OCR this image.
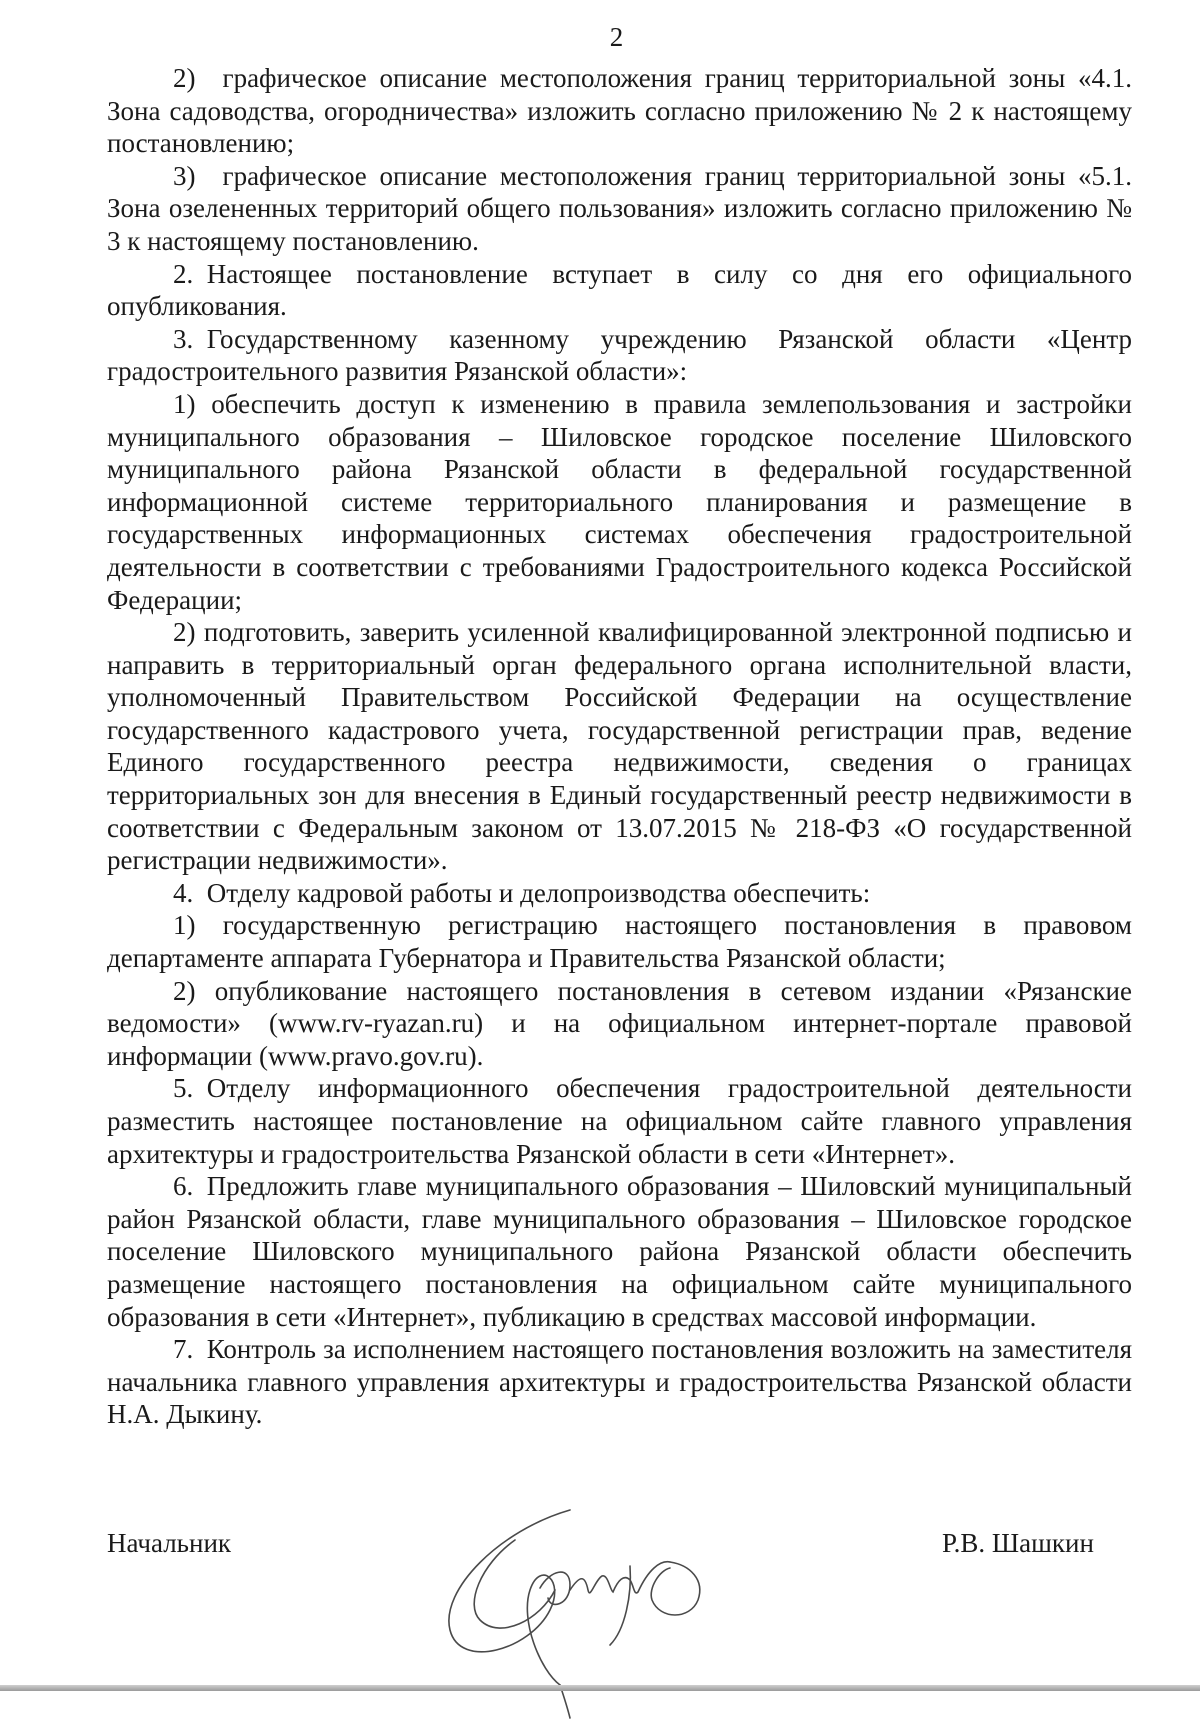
2

2) графическое описание местоположения границ территориальной зоны «4.1. Зона садоводства, огородничества» изложить согласно приложению № 2 к настоящему постановлению;

3) графическое описание местоположения границ территориальной зоны «5.1. Зона озелененных территорий общего пользования» изложить согласно приложению № 3 к настоящему постановлению.

2. Настоящее постановление вступает в силу со дня его официального опубликования.

3. Государственному казенному учреждению Рязанской области «Центр градостроительного развития Рязанской области»:

1) обеспечить доступ к изменению в правила землепользования и застройки муниципального образования – Шиловское городское поселение Шиловского муниципального района Рязанской области в федеральной государственной информационной системе территориального планирования и размещение в государственных информационных системах обеспечения градостроительной деятельности в соответствии с требованиями Градостроительного кодекса Российской Федерации;

2) подготовить, заверить усиленной квалифицированной электронной подписью и направить в территориальный орган федерального органа исполнительной власти, уполномоченный Правительством Российской Федерации на осуществление государственного кадастрового учета, государственной регистрации прав, ведение Единого государственного реестра недвижимости, сведения о границах территориальных зон для внесения в Единый государственный реестр недвижимости в соответствии с Федеральным законом от 13.07.2015 № 218-ФЗ «О государственной регистрации недвижимости».

4. Отделу кадровой работы и делопроизводства обеспечить:

1) государственную регистрацию настоящего постановления в правовом департаменте аппарата Губернатора и Правительства Рязанской области;

2) опубликование настоящего постановления в сетевом издании «Рязанские ведомости» (www.rv-ryazan.ru) и на официальном интернет-портале правовой информации (www.pravo.gov.ru).

5. Отделу информационного обеспечения градостроительной деятельности разместить настоящее постановление на официальном сайте главного управления архитектуры и градостроительства Рязанской области в сети «Интернет».

6. Предложить главе муниципального образования – Шиловский муниципальный район Рязанской области, главе муниципального образования – Шиловское городское поселение Шиловского муниципального района Рязанской области обеспечить размещение настоящего постановления на официальном сайте муниципального образования в сети «Интернет», публикацию в средствах массовой информации.

7. Контроль за исполнением настоящего постановления возложить на заместителя начальника главного управления архитектуры и градостроительства Рязанской области Н.А. Дыкину.

Начальник	Р.В. Шашкин
